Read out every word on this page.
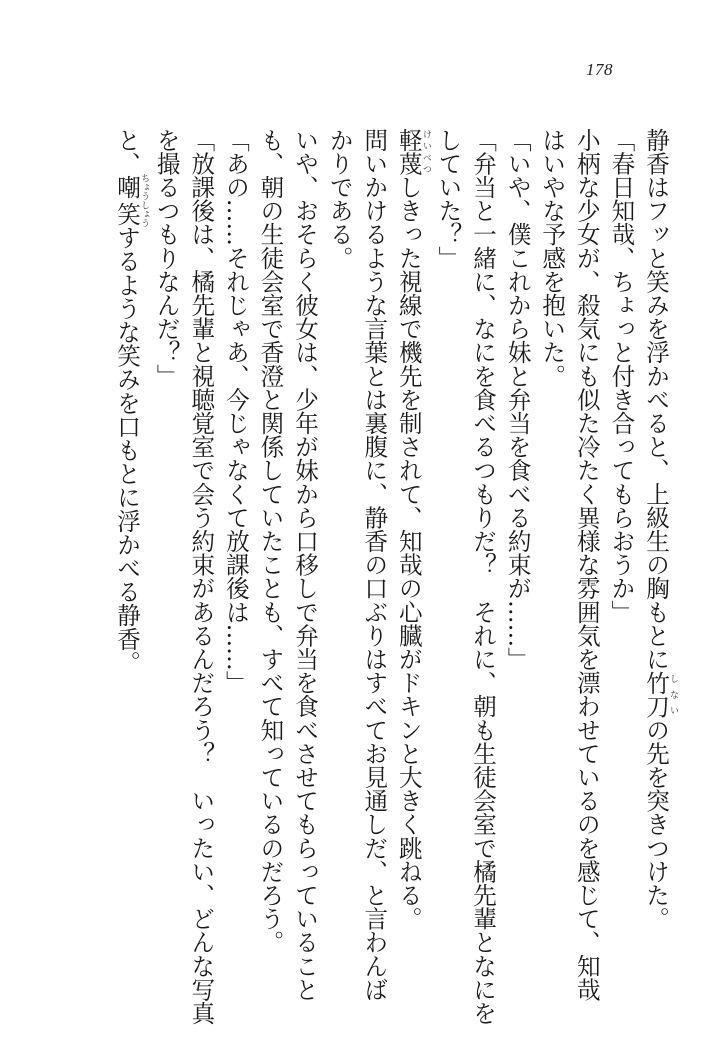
178
静香はフッと笑みを浮かべると、上級生の胸もとに竹刀しないの先を突きつけた。
「春日知哉、ちょっと付き合ってもらおうか」
小柄な少女が、殺気にも似た冷たく異様な雰囲気を漂わせているのを感じて、知哉
はいやな予感を抱いた。
「いや、僕これから妹と弁当を食べる約束が……」
「弁当と一緒に、なにを食べるつもりだ？　それに、朝も生徒会室で橘先輩となにを
していた？」
軽蔑けいべつしきった視線で機先を制されて、知哉の心臓がドキンと大きく跳ねる。
問いかけるような言葉とは裏腹に、静香の口ぶりはすべてお見通しだ、と言わんば
かりである。
いや、おそらく彼女は、少年が妹から口移しで弁当を食べさせてもらっていること
も、朝の生徒会室で香澄と関係していたことも、すべて知っているのだろう。
「あの……それじゃあ、今じゃなくて放課後は……」
「放課後は、橘先輩と視聴覚室で会う約束があるんだろう？　いったい、どんな写真
を撮るつもりなんだ？」
と、嘲笑ちょうしょうするような笑みを口もとに浮かべる静香。
